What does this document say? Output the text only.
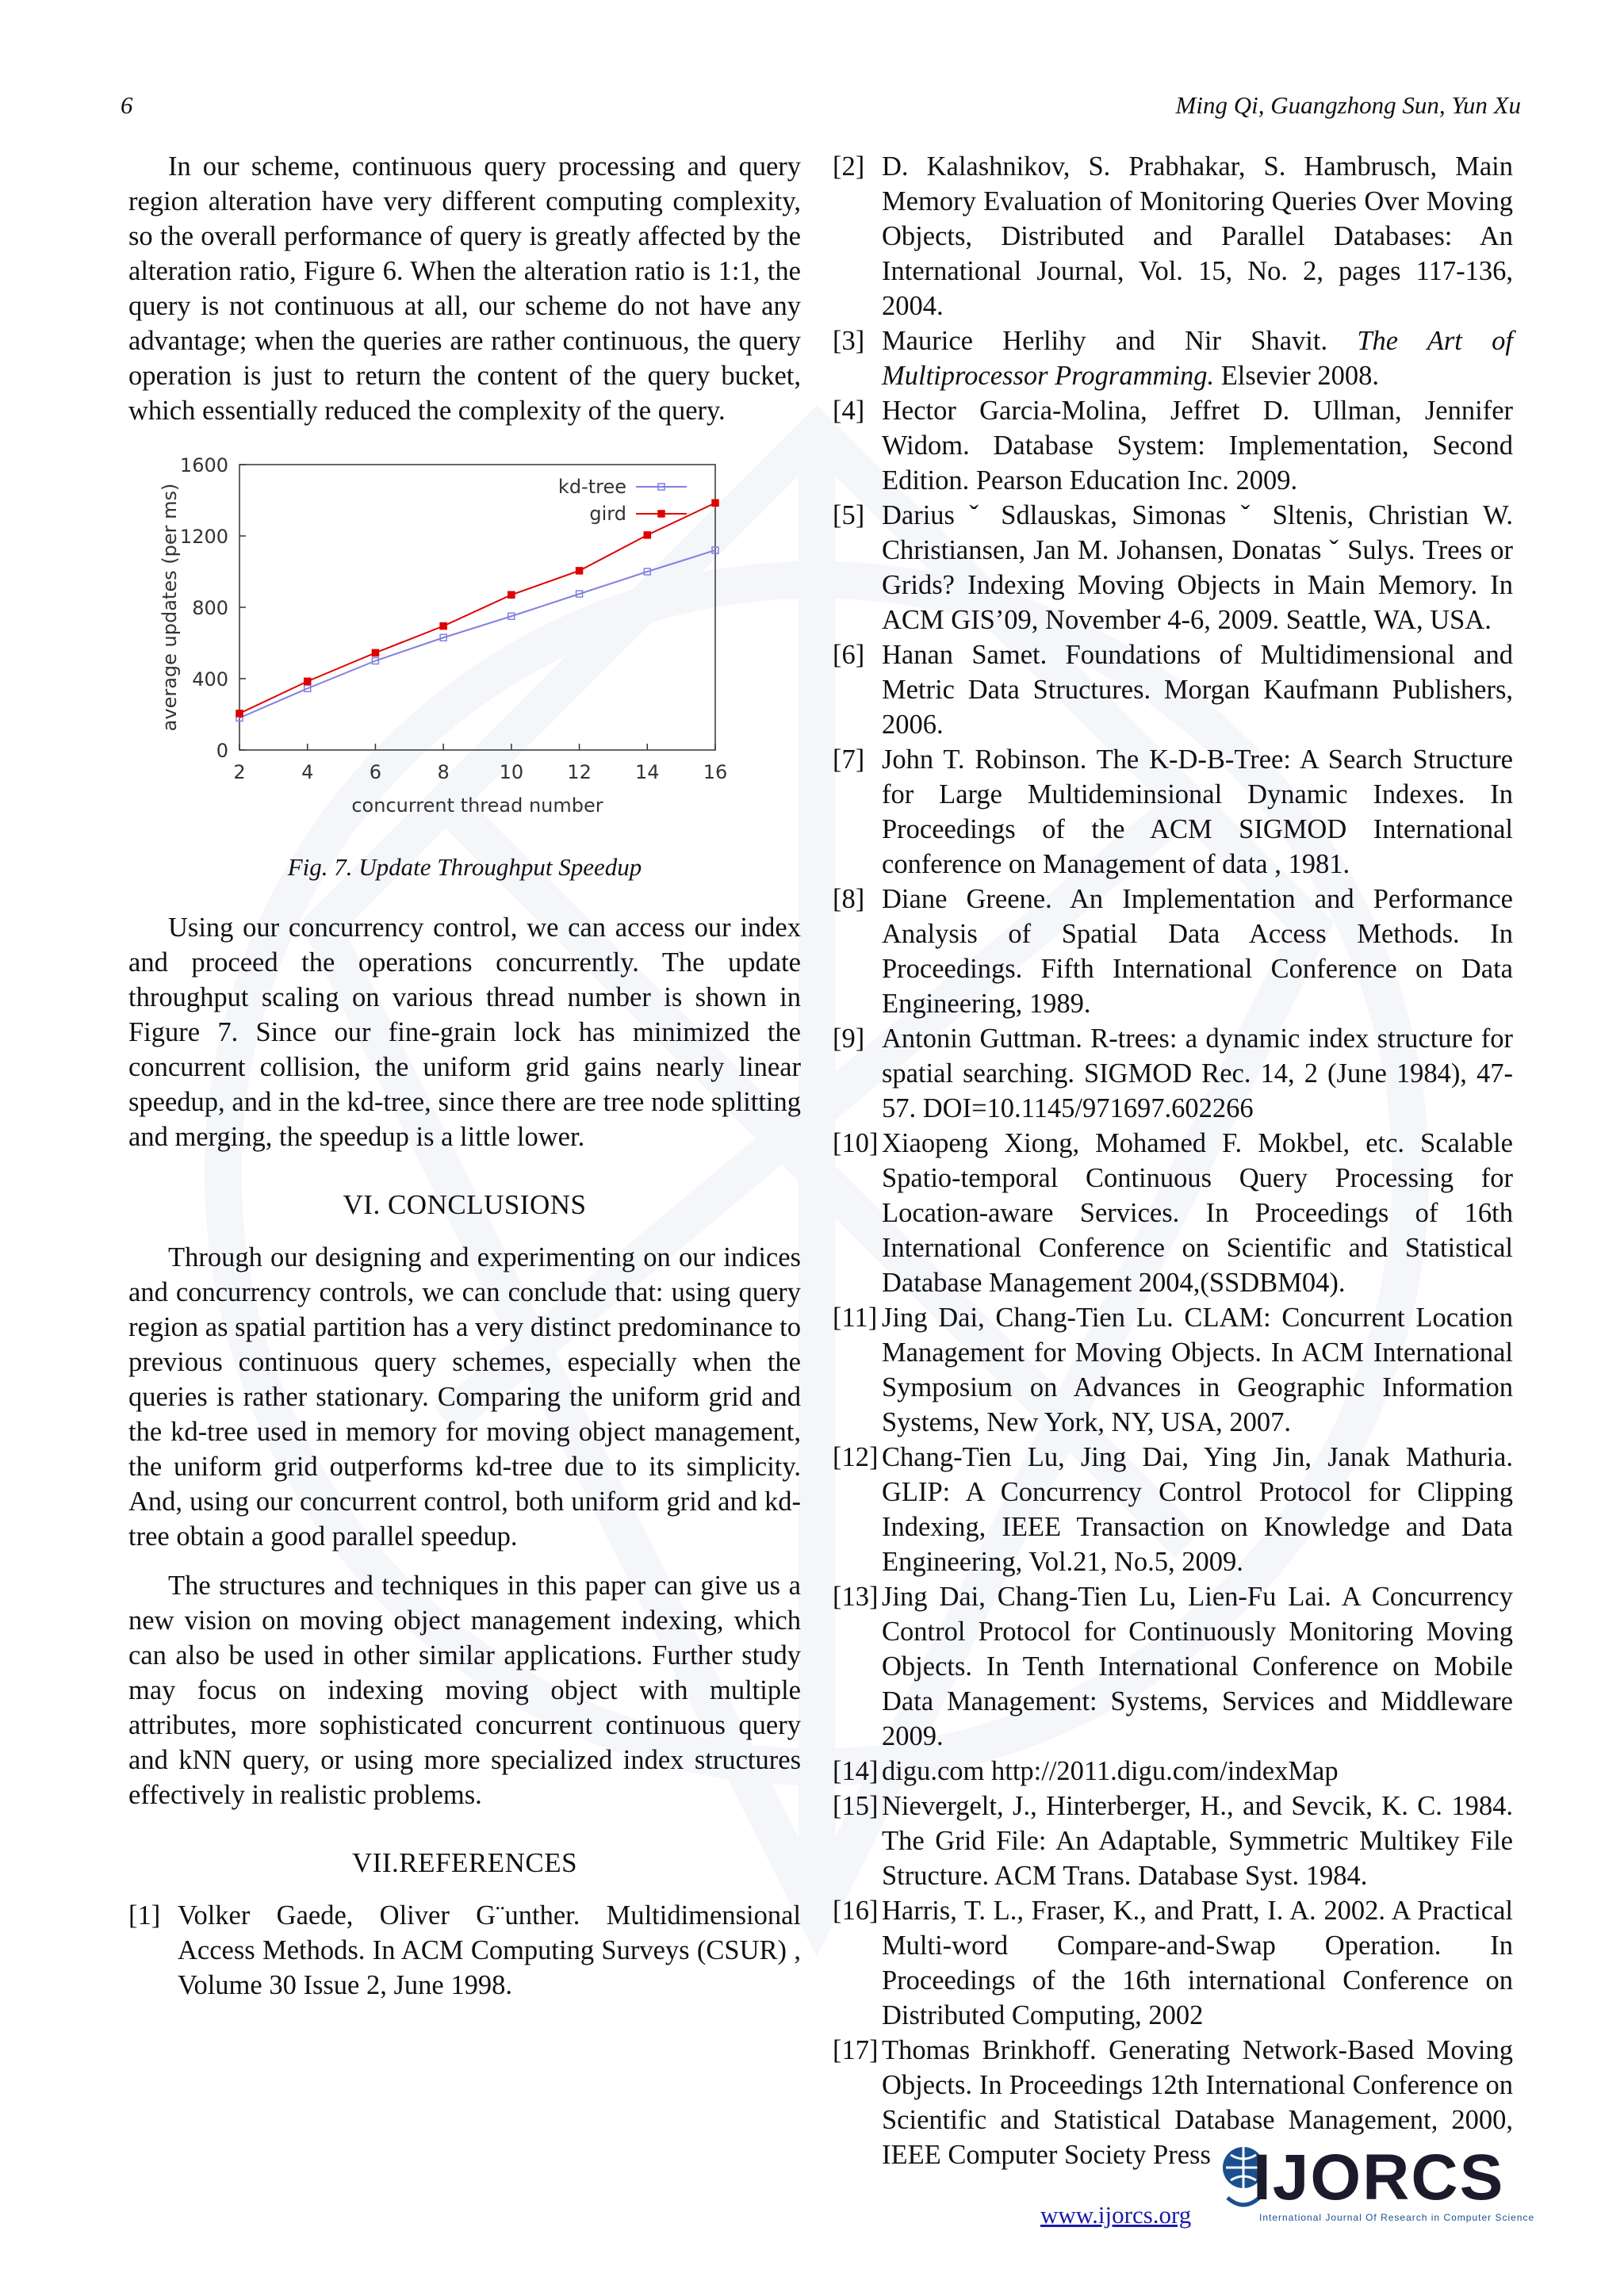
6	Ming Qi, Guangzhong Sun, Yun Xu

In our scheme, continuous query processing and query region alteration have very different computing complexity, so the overall performance of query is greatly affected by the alteration ratio, Figure 6. When the alteration ratio is 1:1, the query is not continuous at all, our scheme do not have any advantage; when the queries are rather continuous, the query operation is just to return the content of the query bucket, which essentially reduced the complexity of the query.

0
400
800
1200
1600
2	4	6	8	10 12 14 16
concurrent thread number
average updates (per ms)	kd-tree
gird
Fig. 7. Update Throughput Speedup

Using our concurrency control, we can access our index and proceed the operations concurrently. The update throughput scaling on various thread number is shown in Figure 7. Since our fine-grain lock has minimized the concurrent collision, the uniform grid gains nearly linear speedup, and in the kd-tree, since there are tree node splitting and merging, the speedup is a little lower.

VI. CONCLUSIONS

Through our designing and experimenting on our indices and concurrency controls, we can conclude that: using query region as spatial partition has a very distinct predominance to previous continuous query schemes, especially when the queries is rather stationary. Comparing the uniform grid and the kd-tree used in memory for moving object management, the uniform grid outperforms kd-tree due to its simplicity. And, using our concurrent control, both uniform grid and kd-tree obtain a good parallel speedup.

The structures and techniques in this paper can give us a new vision on moving object management indexing, which can also be used in other similar applications. Further study may focus on indexing moving object with multiple attributes, more sophisticated concurrent continuous query and kNN query, or using more specialized index structures effectively in realistic problems.

VII.REFERENCES
[1] Volker Gaede, Oliver G¨unther. Multidimensional Access Methods. In ACM Computing Surveys (CSUR) , Volume 30 Issue 2, June 1998.
[2] D. Kalashnikov, S. Prabhakar, S. Hambrusch, Main Memory Evaluation of Monitoring Queries Over Moving Objects, Distributed and Parallel Databases: An International Journal, Vol. 15, No. 2, pages 117-136, 2004.
[3] Maurice Herlihy and Nir Shavit. The Art of Multiprocessor Programming. Elsevier 2008.
[4] Hector Garcia-Molina, Jeffret D. Ullman, Jennifer Widom. Database System: Implementation, Second Edition. Pearson Education Inc. 2009.
[5] Darius ˇ Sdlauskas, Simonas ˇ Sltenis, Christian W. Christiansen, Jan M. Johansen, Donatas ˇ Sulys. Trees or Grids? Indexing Moving Objects in Main Memory. In ACM GIS’09, November 4-6, 2009. Seattle, WA, USA.
[6] Hanan Samet. Foundations of Multidimensional and Metric Data Structures. Morgan Kaufmann Publishers, 2006.
[7] John T. Robinson. The K-D-B-Tree: A Search Structure for Large Multideminsional Dynamic Indexes. In Proceedings of the ACM SIGMOD International conference on Management of data , 1981.
[8] Diane Greene. An Implementation and Performance Analysis of Spatial Data Access Methods. In Proceedings. Fifth International Conference on Data Engineering, 1989.
[9] Antonin Guttman. R-trees: a dynamic index structure for spatial searching. SIGMOD Rec. 14, 2 (June 1984), 47-57. DOI=10.1145/971697.602266
[10] Xiaopeng Xiong, Mohamed F. Mokbel, etc. Scalable Spatio-temporal Continuous Query Processing for Location-aware Services. In Proceedings of 16th International Conference on Scientific and Statistical Database Management 2004,(SSDBM04).
[11] Jing Dai, Chang-Tien Lu. CLAM: Concurrent Location Management for Moving Objects. In ACM International Symposium on Advances in Geographic Information Systems, New York, NY, USA, 2007.
[12] Chang-Tien Lu, Jing Dai, Ying Jin, Janak Mathuria. GLIP: A Concurrency Control Protocol for Clipping Indexing, IEEE Transaction on Knowledge and Data Engineering, Vol.21, No.5, 2009.
[13] Jing Dai, Chang-Tien Lu, Lien-Fu Lai. A Concurrency Control Protocol for Continuously Monitoring Moving Objects. In Tenth International Conference on Mobile Data Management: Systems, Services and Middleware 2009.
[14] digu.com http://2011.digu.com/indexMap
[15] Nievergelt, J., Hinterberger, H., and Sevcik, K. C. 1984. The Grid File: An Adaptable, Symmetric Multikey File Structure. ACM Trans. Database Syst. 1984.
[16] Harris, T. L., Fraser, K., and Pratt, I. A. 2002. A Practical Multi-word Compare-and-Swap Operation. In Proceedings of the 16th international Conference on Distributed Computing, 2002
[17] Thomas Brinkhoff. Generating Network-Based Moving Objects. In Proceedings 12th International Conference on Scientific and Statistical Database Management, 2000, IEEE Computer Society Press
www.ijorcs.org
IJORCS
International Journal Of Research in Computer Science
